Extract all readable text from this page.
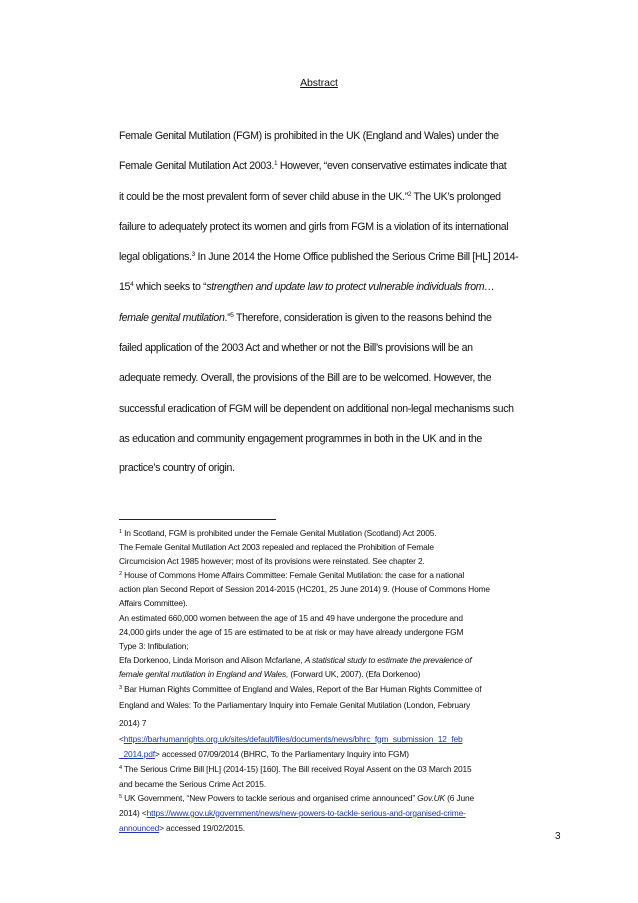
Abstract
Female Genital Mutilation (FGM) is prohibited in the UK (England and Wales) under the
Female Genital Mutilation Act 2003.$^1$ However, “even conservative estimates indicate that
it could be the most prevalent form of sever child abuse in the UK.”$^2$ The UK’s prolonged
failure to adequately protect its women and girls from FGM is a violation of its international
legal obligations.$^3$ In June 2014 the Home Office published the Serious Crime Bill [HL] 2014-
$15^4$ which seeks to “strengthen and update law to protect vulnerable individuals from…
female genital mutilation.”$^5$ Therefore, consideration is given to the reasons behind the
failed application of the 2003 Act and whether or not the Bill’s provisions will be an
adequate remedy. Overall, the provisions of the Bill are to be welcomed. However, the
successful eradication of FGM will be dependent on additional non-legal mechanisms such
as education and community engagement programmes in both in the UK and in the
practice’s country of origin.
$^1$ In Scotland, FGM is prohibited under the Female Genital Mutilation (Scotland) Act 2005.
The Female Genital Mutilation Act 2003 repealed and replaced the Prohibition of Female
Circumcision Act 1985 however; most of its provisions were reinstated. See chapter 2.
$^2$ House of Commons Home Affairs Committee: Female Genital Mutilation: the case for a national
action plan Second Report of Session 2014-2015 (HC201, 25 June 2014) 9. (House of Commons Home
Affairs Committee).
An estimated 660,000 women between the age of 15 and 49 have undergone the procedure and
24,000 girls under the age of 15 are estimated to be at risk or may have already undergone FGM
Type 3: Infibulation;
Efa Dorkenoo, Linda Morison and Alison Mcfarlane, A statistical study to estimate the prevalence of
female genital mutilation in England and Wales, (Forward UK, 2007). (Efa Dorkenoo)
$^3$ Bar Human Rights Committee of England and Wales, Report of the Bar Human Rights Committee of
England and Wales: To the Parliamentary Inquiry into Female Genital Mutilation (London, February
2014) 7
<https://barhumanrights.org.uk/sites/default/files/documents/news/bhrc_fgm_submission_12_feb
_2014.pdf> accessed 07/09/2014 (BHRC, To the Parliamentary Inquiry into FGM)
$^4$ The Serious Crime Bill [HL] (2014-15) [160]. The Bill received Royal Assent on the 03 March 2015
and became the Serious Crime Act 2015.
$^5$ UK Government, “New Powers to tackle serious and organised crime announced” Gov.UK (6 June
2014) <https://www.gov.uk/government/news/new-powers-to-tackle-serious-and-organised-crime-
announced> accessed 19/02/2015.
3
